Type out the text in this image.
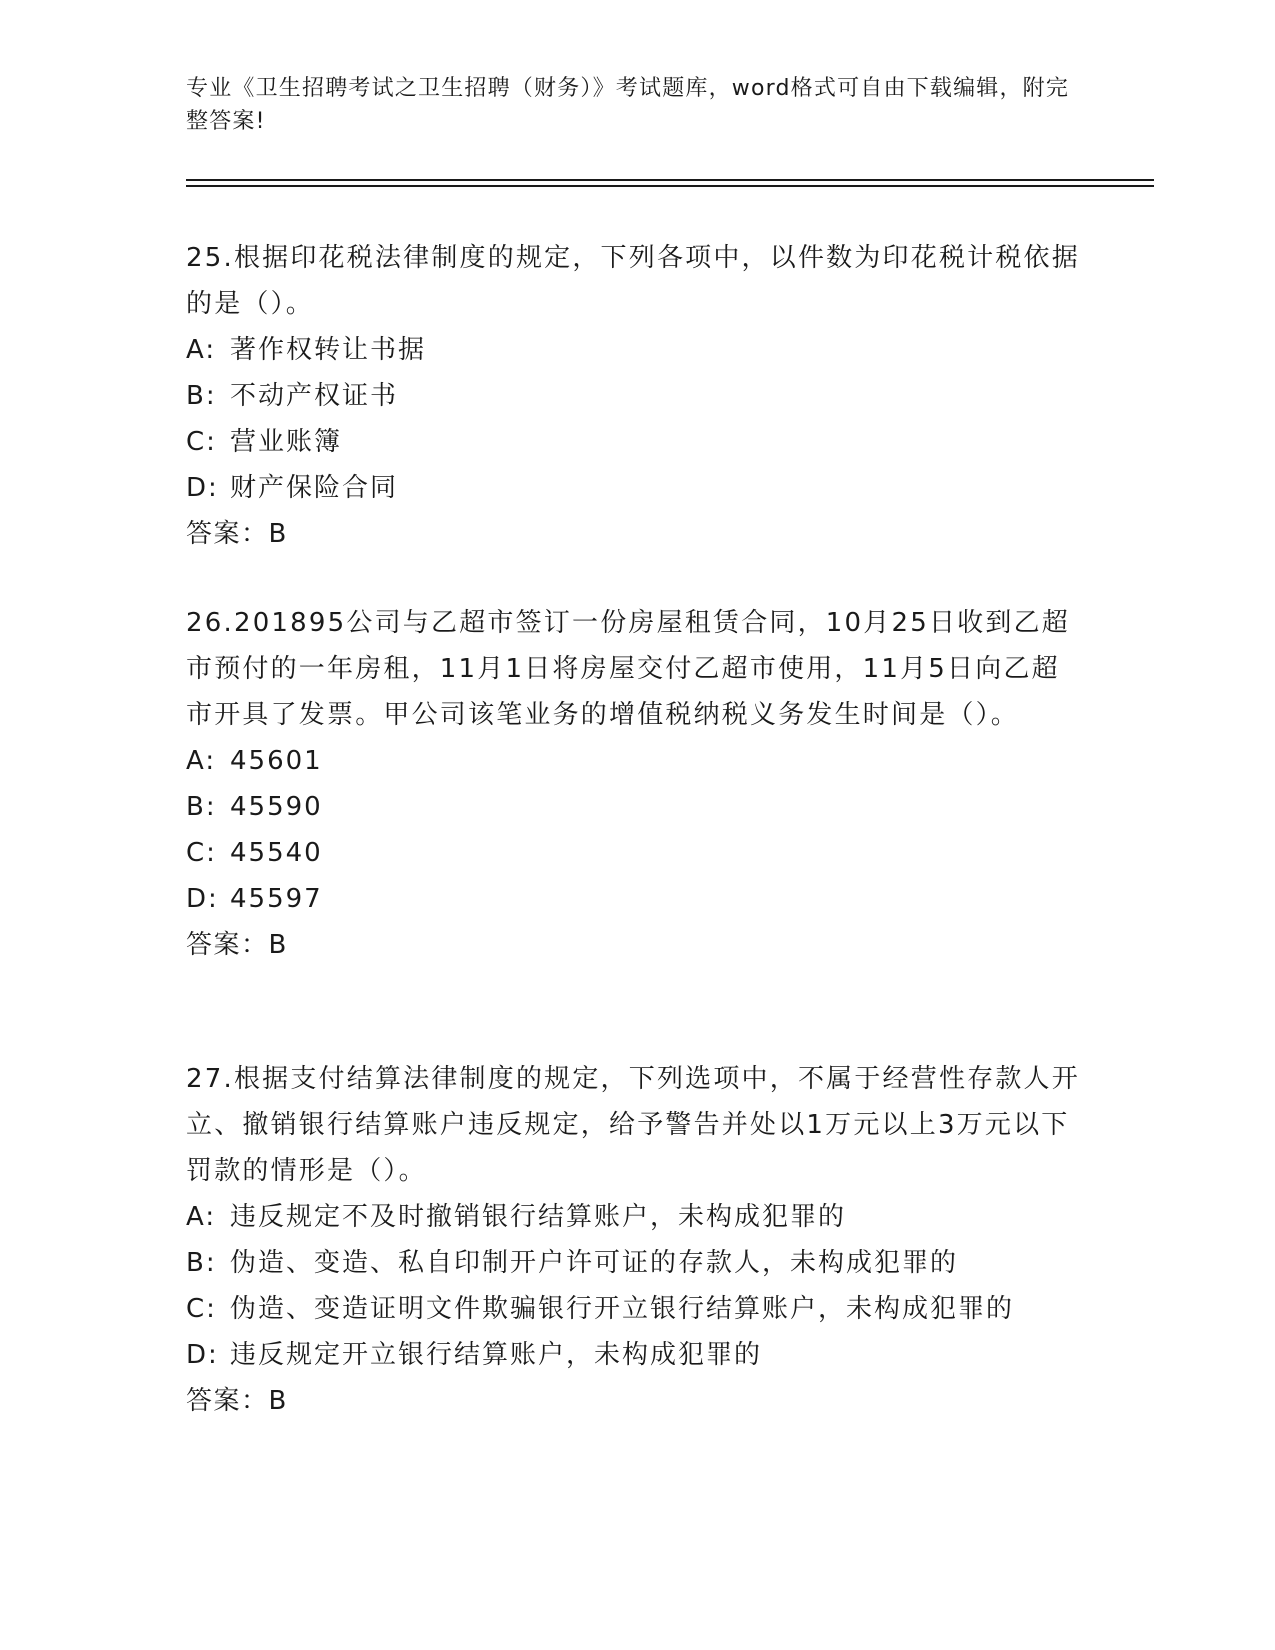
专业《卫生招聘考试之卫生招聘（财务）》考试题库，word格式可自由下载编辑，附完整答案!

25.根据印花税法律制度的规定，下列各项中，以件数为印花税计税依据的是（）。

A: 著作权转让书据

B: 不动产权证书

C: 营业账簿

D: 财产保险合同

答案：B

26.201895公司与乙超市签订一份房屋租赁合同，10月25日收到乙超市预付的一年房租，11月1日将房屋交付乙超市使用，11月5日向乙超市开具了发票。甲公司该笔业务的增值税纳税义务发生时间是（）。

A: 45601

B: 45590

C: 45540

D: 45597

答案：B

27.根据支付结算法律制度的规定，下列选项中，不属于经营性存款人开立、撤销银行结算账户违反规定，给予警告并处以1万元以上3万元以下罚款的情形是（）。

A: 违反规定不及时撤销银行结算账户，未构成犯罪的

B: 伪造、变造、私自印制开户许可证的存款人，未构成犯罪的

C: 伪造、变造证明文件欺骗银行开立银行结算账户，未构成犯罪的

D: 违反规定开立银行结算账户，未构成犯罪的

答案：B
